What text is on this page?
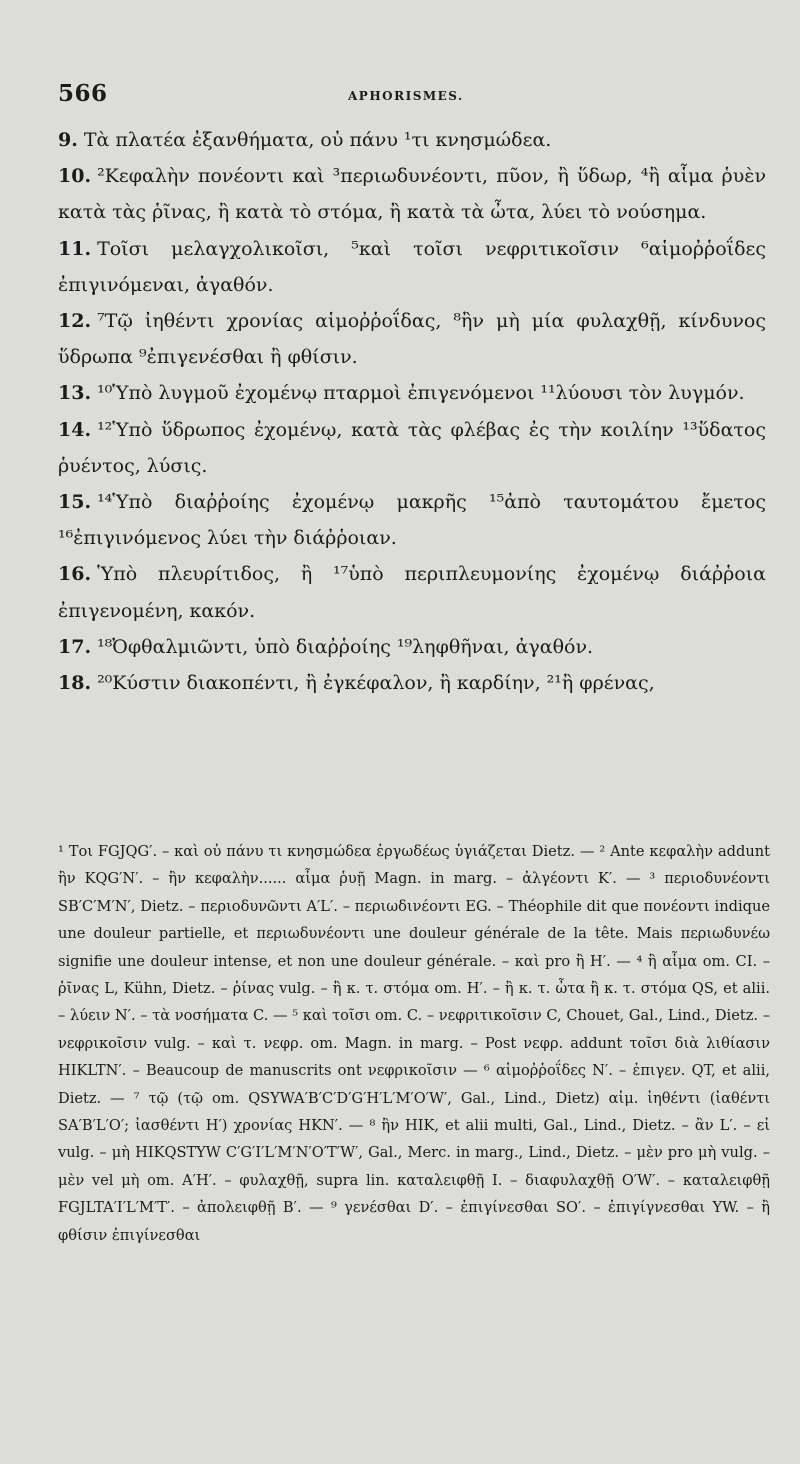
566	APHORISMES.

9. Τὰ πλατέα ἐξανθήματα, οὐ πάνυ ¹τι κνησμώδεα.

10. ²Κεφαλὴν πονέοντι καὶ ³περιωδυνέοντι, πῦον, ἢ ὕδωρ, ⁴ἢ αἷμα ῥυὲν κατὰ τὰς ῥῖνας, ἢ κατὰ τὸ στόμα, ἢ κατὰ τὰ ὦτα, λύει τὸ νούσημα.

11. Τοῖσι μελαγχολικοῖσι, ⁵καὶ τοῖσι νεφριτικοῖσιν ⁶αἱμοῤῥοΐδες ἐπιγινόμεναι, ἀγαθόν.

12. ⁷Τῷ ἰηθέντι χρονίας αἱμοῤῥοΐδας, ⁸ἢν μὴ μία φυλαχθῇ, κίνδυνος ὕδρωπα ⁹ἐπιγενέσθαι ἢ φθίσιν.

13. ¹⁰Ὑπὸ λυγμοῦ ἐχομένῳ πταρμοὶ ἐπιγενόμενοι ¹¹λύουσι τὸν λυγμόν.

14. ¹²Ὑπὸ ὕδρωπος ἐχομένῳ, κατὰ τὰς φλέβας ἐς τὴν κοιλίην ¹³ὕδατος ῥυέντος, λύσις.

15. ¹⁴Ὑπὸ διαῤῥοίης ἐχομένῳ μακρῆς ¹⁵ἀπὸ ταυτομάτου ἔμετος ¹⁶ἐπιγινόμενος λύει τὴν διάῤῥοιαν.

16. Ὑπὸ πλευρίτιδος, ἢ ¹⁷ὑπὸ περιπλευμονίης ἐχομένῳ διάῤῥοια ἐπιγενομένη, κακόν.

17. ¹⁸Ὀφθαλμιῶντι, ὑπὸ διαῤῥοίης ¹⁹ληφθῆναι, ἀγαθόν.

18. ²⁰Κύστιν διακοπέντι, ἢ ἐγκέφαλον, ἢ καρδίην, ²¹ἢ φρένας,

¹ Τοι FGJQG′. – καὶ οὐ πάνυ τι κνησμώδεα ἐργωδέως ὑγιάζεται Dietz. — ² Ante κεφαλὴν addunt ἢν KQG′N′. – ἢν κεφαλὴν...... αἷμα ῥυῇ Magn. in marg. – ἀλγέοντι K′. — ³ περιοδυνέοντι SB′C′M′N′, Dietz. – περιοδυνῶντι A′L′. – περιωδινέοντι EG. – Théophile dit que πονέοντι indique une douleur partielle, et περιωδυνέοντι une douleur générale de la tête. Mais περιωδυνέω signifie une douleur intense, et non une douleur générale. – καὶ pro ἢ H′. — ⁴ ἢ αἷμα om. CI. – ῥῖνας L, Kühn, Dietz. – ῥίνας vulg. – ἢ κ. τ. στόμα om. H′. – ἢ κ. τ. ὦτα ἢ κ. τ. στόμα QS, et alii. – λύειν N′. – τὰ νοσήματα C. — ⁵ καὶ τοῖσι om. C. – νεφριτικοῖσιν C, Chouet, Gal., Lind., Dietz. – νεφρικοῖσιν vulg. – καὶ τ. νεφρ. om. Magn. in marg. – Post νεφρ. addunt τοῖσι διὰ λιθίασιν HIKLTN′. – Beaucoup de manuscrits ont νεφρικοῖσιν — ⁶ αἱμοῤῥοΐδες N′. – ἐπιγεν. QT, et alii, Dietz. — ⁷ τῷ (τῷ om. QSYWA′B′C′D′G′H′L′M′O′W′, Gal., Lind., Dietz) αἱμ. ἰηθέντι (ἰαθέντι SA′B′L′O′; ἰασθέντι H′) χρονίας HKN′. — ⁸ ἢν HIK, et alii multi, Gal., Lind., Dietz. – ἂν L′. – εἰ vulg. – μὴ HIKQSTYW C′G′I′L′M′N′O′T′W′, Gal., Merc. in marg., Lind., Dietz. – μὲν pro μὴ vulg. – μὲν vel μὴ om. A′H′. – φυλαχθῇ, supra lin. καταλειφθῇ I. – διαφυλαχθῇ O′W′. – καταλειφθῇ FGJLTA′I′L′M′T′. – ἀπολειφθῇ B′. — ⁹ γενέσθαι D′. – ἐπιγίνεσθαι SO′. – ἐπιγίγνεσθαι YW. – ἢ φθίσιν ἐπιγίνεσθαι
